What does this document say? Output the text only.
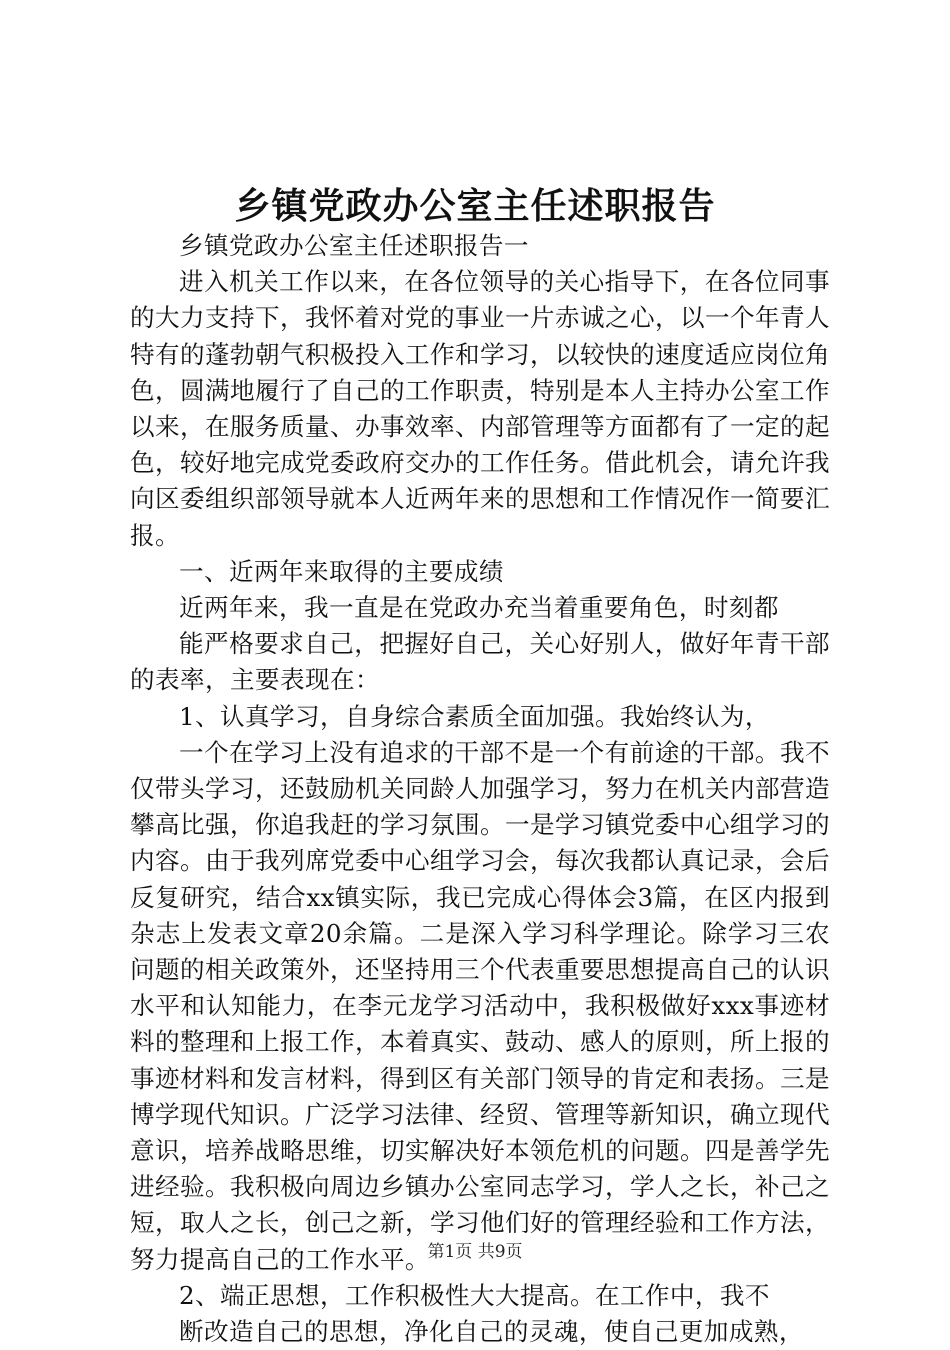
乡镇党政办公室主任述职报告

乡镇党政办公室主任述职报告一

进入机关工作以来，在各位领导的关心指导下，在各位同事的大力支持下，我怀着对党的事业一片赤诚之心，以一个年青人特有的蓬勃朝气积极投入工作和学习，以较快的速度适应岗位角色，圆满地履行了自己的工作职责，特别是本人主持办公室工作以来，在服务质量、办事效率、内部管理等方面都有了一定的起色，较好地完成党委政府交办的工作任务。借此机会，请允许我向区委组织部领导就本人近两年来的思想和工作情况作一简要汇报。

一、近两年来取得的主要成绩

近两年来，我一直是在党政办充当着重要角色，时刻都

能严格要求自己，把握好自己，关心好别人，做好年青干部的表率，主要表现在：

1、认真学习，自身综合素质全面加强。我始终认为，

一个在学习上没有追求的干部不是一个有前途的干部。我不仅带头学习，还鼓励机关同龄人加强学习，努力在机关内部营造攀高比强，你追我赶的学习氛围。一是学习镇党委中心组学习的内容。由于我列席党委中心组学习会，每次我都认真记录，会后反复研究，结合xx镇实际，我已完成心得体会3篇，在区内报到杂志上发表文章20余篇。二是深入学习科学理论。除学习三农问题的相关政策外，还坚持用三个代表重要思想提高自己的认识水平和认知能力，在李元龙学习活动中，我积极做好xxx事迹材料的整理和上报工作，本着真实、鼓动、感人的原则，所上报的事迹材料和发言材料，得到区有关部门领导的肯定和表扬。三是博学现代知识。广泛学习法律、经贸、管理等新知识，确立现代意识，培养战略思维，切实解决好本领危机的问题。四是善学先进经验。我积极向周边乡镇办公室同志学习，学人之长，补己之短，取人之长，创己之新，学习他们好的管理经验和工作方法，努力提高自己的工作水平。

2、端正思想，工作积极性大大提高。在工作中，我不

断改造自己的思想，净化自己的灵魂，使自己更加成熟，

第1页 共9页
